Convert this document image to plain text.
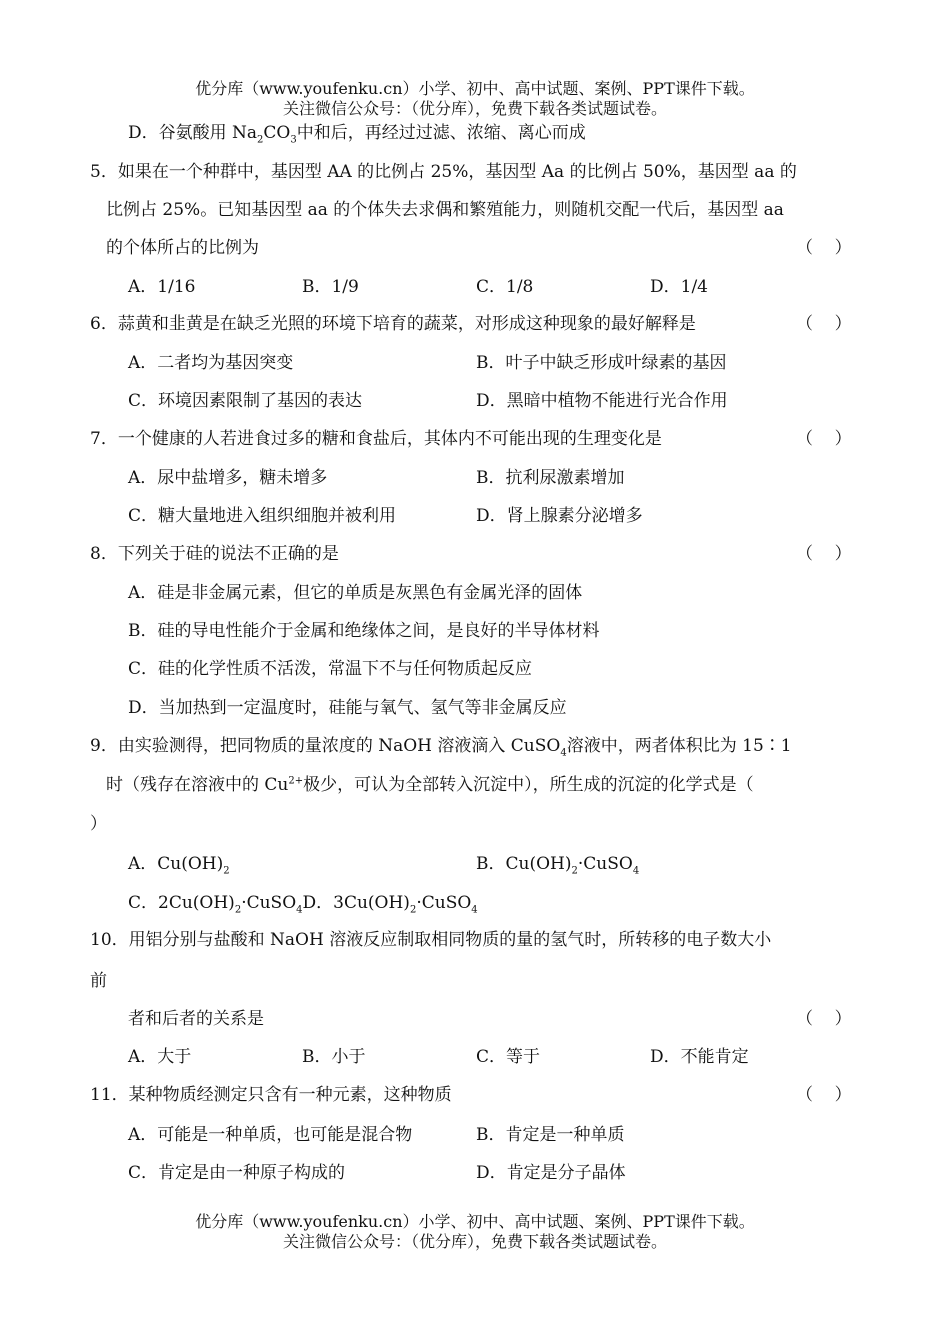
优分库（www.youfenku.cn）小学、初中、高中试题、案例、PPT课件下载。
关注微信公众号：（优分库），免费下载各类试题试卷。
D．谷氨酸用 $Na_2CO_3$中和后，再经过过滤、浓缩、离心而成
5．如果在一个种群中，基因型 AA 的比例占 25%，基因型 Aa 的比例占 50%，基因型 aa 的
比例占 25%。已知基因型 aa 的个体失去求偶和繁殖能力，则随机交配一代后，基因型 aa
的个体所占的比例为	（    ）
A．1/16	B．1/9	C．1/8	D．1/4
6．蒜黄和韭黄是在缺乏光照的环境下培育的蔬菜，对形成这种现象的最好解释是	（    ）
A．二者均为基因突变	B．叶子中缺乏形成叶绿素的基因
C．环境因素限制了基因的表达	D．黑暗中植物不能进行光合作用
7．一个健康的人若进食过多的糖和食盐后，其体内不可能出现的生理变化是	（    ）
A．尿中盐增多，糖未增多	B．抗利尿激素增加
C．糖大量地进入组织细胞并被利用	D．肾上腺素分泌增多
8．下列关于硅的说法不正确的是	（    ）
A．硅是非金属元素，但它的单质是灰黑色有金属光泽的固体
B．硅的导电性能介于金属和绝缘体之间，是良好的半导体材料
C．硅的化学性质不活泼，常温下不与任何物质起反应
D．当加热到一定温度时，硅能与氧气、氢气等非金属反应
9．由实验测得，把同物质的量浓度的 NaOH 溶液滴入 CuSO$_4$溶液中，两者体积比为 15∶1
时（残存在溶液中的 $Cu^{2+}$极少，可认为全部转入沉淀中），所生成的沉淀的化学式是（
）
A．$Cu(OH)_2$	B．$Cu(OH)_2\cdot CuSO_4$
C．$2Cu(OH)_2\cdot CuSO_4D$．$3Cu(OH)_2\cdot CuSO_4$
10．用铝分别与盐酸和 NaOH 溶液反应制取相同物质的量的氢气时，所转移的电子数大小
前
者和后者的关系是	（    ）
A．大于	B．小于	C．等于	D．不能肯定
11．某种物质经测定只含有一种元素，这种物质	（    ）
A．可能是一种单质，也可能是混合物	B．肯定是一种单质
C．肯定是由一种原子构成的	D．肯定是分子晶体
优分库（www.youfenku.cn）小学、初中、高中试题、案例、PPT课件下载。
关注微信公众号：（优分库），免费下载各类试题试卷。
